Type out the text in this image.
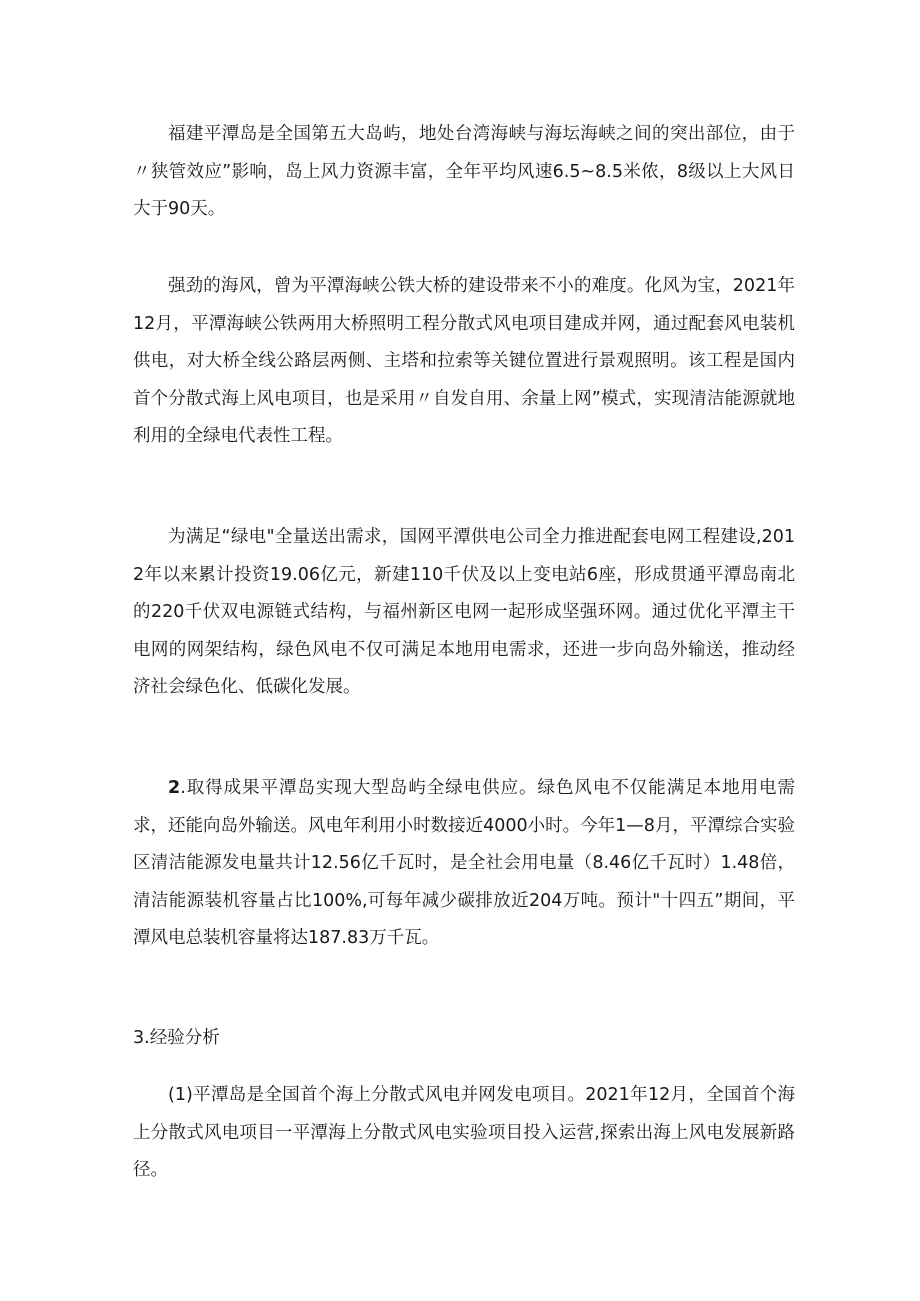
福建平潭岛是全国第五大岛屿，地处台湾海峡与海坛海峡之间的突出部位，由于〃狭管效应”影响，岛上风力资源丰富，全年平均风速6.5~8.5米侬，8级以上大风日大于90天。

强劲的海风，曾为平潭海峡公铁大桥的建设带来不小的难度。化风为宝，2021年12月，平潭海峡公铁两用大桥照明工程分散式风电项目建成并网，通过配套风电装机供电，对大桥全线公路层两侧、主塔和拉索等关键位置进行景观照明。该工程是国内首个分散式海上风电项目，也是采用〃自发自用、余量上网”模式，实现清洁能源就地利用的全绿电代表性工程。

为满足“绿电"全量送出需求，国网平潭供电公司全力推进配套电网工程建设,2012年以来累计投资19.06亿元，新建110千伏及以上变电站6座，形成贯通平潭岛南北的220千伏双电源链式结构，与福州新区电网一起形成坚强环网。通过优化平潭主干电网的网架结构，绿色风电不仅可满足本地用电需求，还进一步向岛外输送，推动经济社会绿色化、低碳化发展。

2.取得成果平潭岛实现大型岛屿全绿电供应。绿色风电不仅能满足本地用电需求，还能向岛外输送。风电年利用小时数接近4000小时。今年1—8月，平潭综合实验区清洁能源发电量共计12.56亿千瓦时，是全社会用电量（8.46亿千瓦时）1.48倍，清洁能源装机容量占比100%,可每年减少碳排放近204万吨。预计"十四五”期间，平潭风电总装机容量将达187.83万千瓦。

3.经验分析

(1)平潭岛是全国首个海上分散式风电并网发电项目。2021年12月，全国首个海上分散式风电项目一平潭海上分散式风电实验项目投入运营,探索出海上风电发展新路径。
